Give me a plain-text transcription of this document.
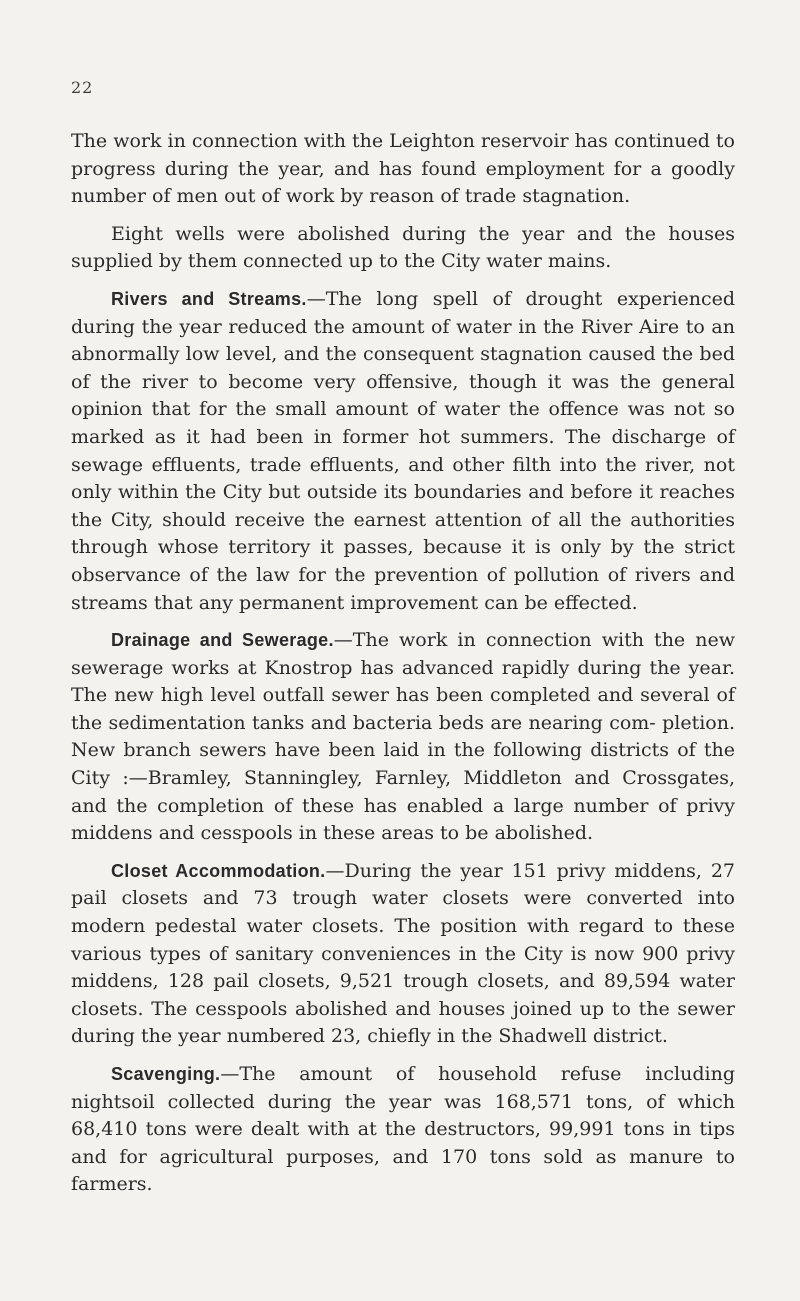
22

The work in connection with the Leighton reservoir has continued to progress during the year, and has found employment for a goodly number of men out of work by reason of trade stagnation.

Eight wells were abolished during the year and the houses supplied by them connected up to the City water mains.

Rivers and Streams.—The long spell of drought experienced during the year reduced the amount of water in the River Aire to an abnormally low level, and the consequent stagnation caused the bed of the river to become very offensive, though it was the general opinion that for the small amount of water the offence was not so marked as it had been in former hot summers. The discharge of sewage effluents, trade effluents, and other filth into the river, not only within the City but outside its boundaries and before it reaches the City, should receive the earnest attention of all the authorities through whose territory it passes, because it is only by the strict observance of the law for the prevention of pollution of rivers and streams that any permanent improvement can be effected.

Drainage and Sewerage.—The work in connection with the new sewerage works at Knostrop has advanced rapidly during the year. The new high level outfall sewer has been completed and several of the sedimentation tanks and bacteria beds are nearing com- pletion. New branch sewers have been laid in the following districts of the City :—Bramley, Stanningley, Farnley, Middleton and Crossgates, and the completion of these has enabled a large number of privy middens and cesspools in these areas to be abolished.

Closet Accommodation.—During the year 151 privy middens, 27 pail closets and 73 trough water closets were converted into modern pedestal water closets. The position with regard to these various types of sanitary conveniences in the City is now 900 privy middens, 128 pail closets, 9,521 trough closets, and 89,594 water closets. The cesspools abolished and houses joined up to the sewer during the year numbered 23, chiefly in the Shadwell district.

Scavenging.—The amount of household refuse including nightsoil collected during the year was 168,571 tons, of which 68,410 tons were dealt with at the destructors, 99,991 tons in tips and for agricultural purposes, and 170 tons sold as manure to farmers.
